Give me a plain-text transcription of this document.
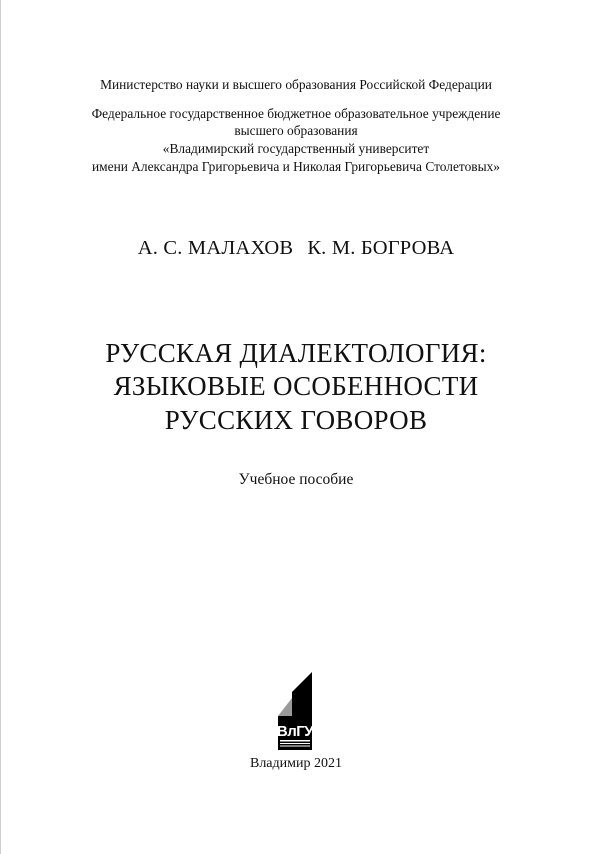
Министерство науки и высшего образования Российской Федерации
Федеральное государственное бюджетное образовательное учреждение
высшего образования
«Владимирский государственный университет
имени Александра Григорьевича и Николая Григорьевича Столетовых»
А. С. МАЛАХОВ К. М. БОГРОВА
РУССКАЯ ДИАЛЕКТОЛОГИЯ:
ЯЗЫКОВЫЕ ОСОБЕННОСТИ
РУССКИХ ГОВОРОВ
Учебное пособие
ВлГУ
Владимир 2021
